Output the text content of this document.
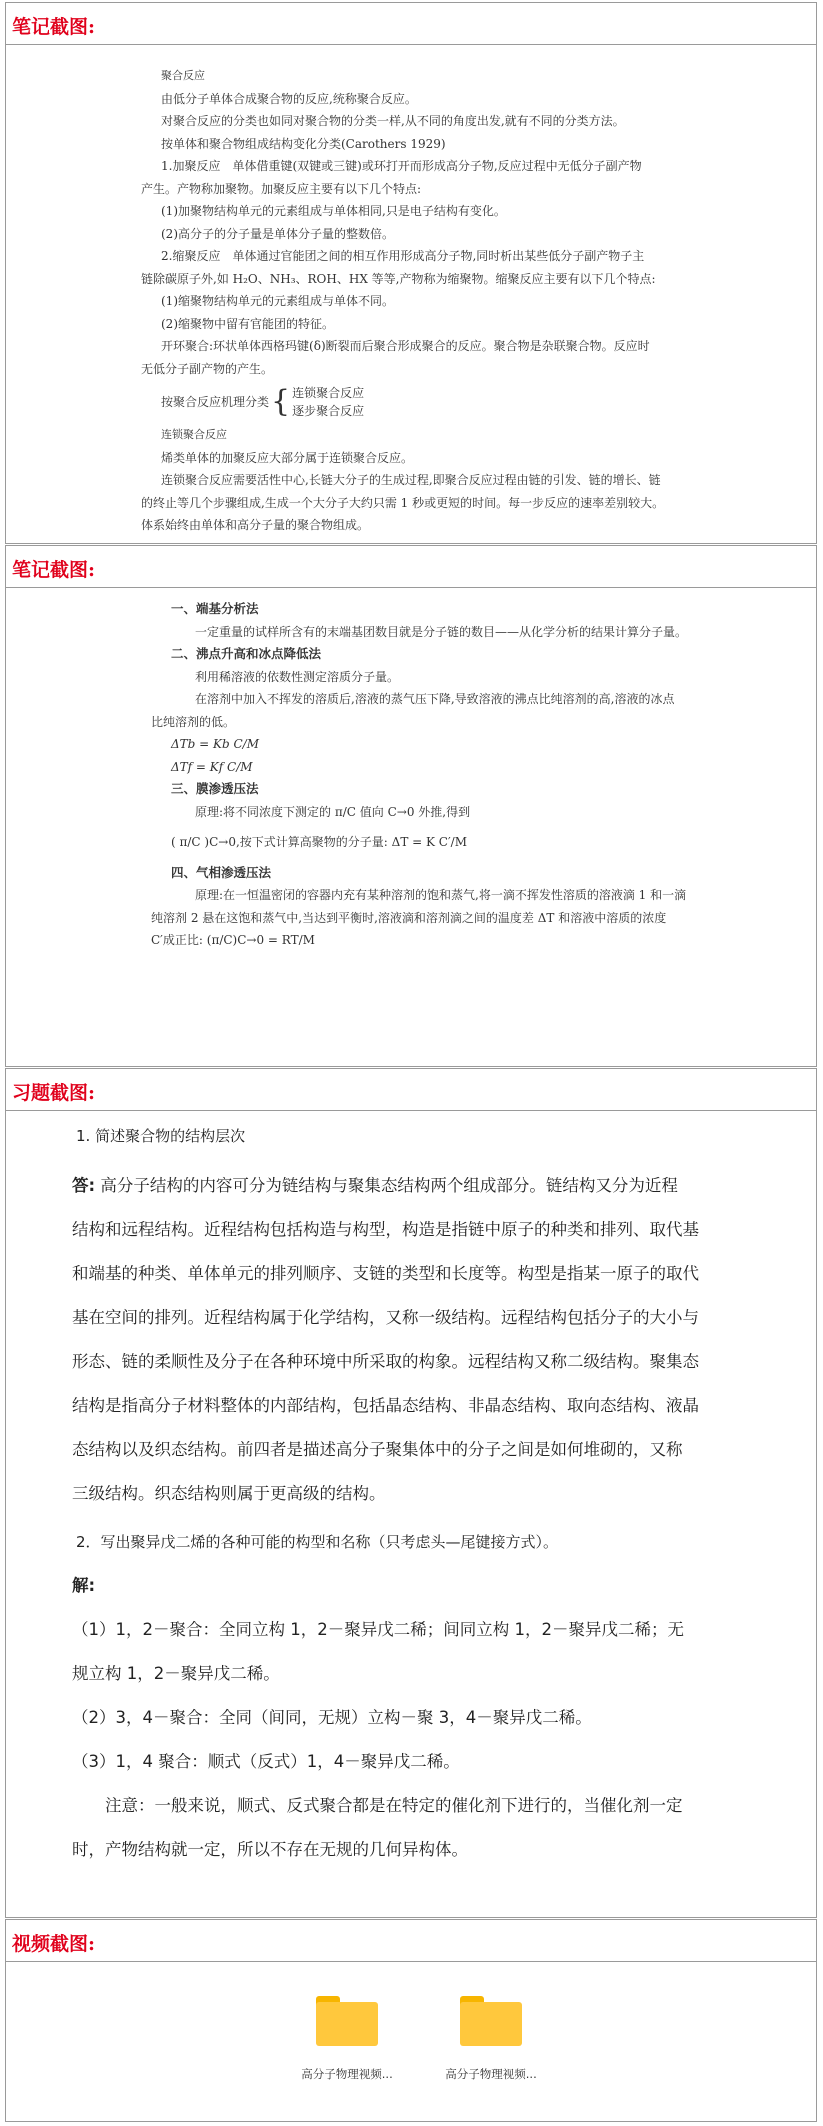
笔记截图:

聚合反应

由低分子单体合成聚合物的反应,统称聚合反应。

对聚合反应的分类也如同对聚合物的分类一样,从不同的角度出发,就有不同的分类方法。

按单体和聚合物组成结构变化分类(Carothers 1929)

1.加聚反应　单体借重键(双键或三键)或环打开而形成高分子物,反应过程中无低分子副产物

产生。产物称加聚物。加聚反应主要有以下几个特点:

(1)加聚物结构单元的元素组成与单体相同,只是电子结构有变化。

(2)高分子的分子量是单体分子量的整数倍。

2.缩聚反应　单体通过官能团之间的相互作用形成高分子物,同时析出某些低分子副产物子主

链除碳原子外,如 H₂O、NH₃、ROH、HX 等等,产物称为缩聚物。缩聚反应主要有以下几个特点:

(1)缩聚物结构单元的元素组成与单体不同。

(2)缩聚物中留有官能团的特征。

开环聚合:环状单体西格玛键(δ)断裂而后聚合形成聚合的反应。聚合物是杂联聚合物。反应时

无低分子副产物的产生。

按聚合反应机理分类 { 连锁聚合反应
逐步聚合反应

连锁聚合反应

烯类单体的加聚反应大部分属于连锁聚合反应。

连锁聚合反应需要活性中心,长链大分子的生成过程,即聚合反应过程由链的引发、链的增长、链

的终止等几个步骤组成,生成一个大分子大约只需 1 秒或更短的时间。每一步反应的速率差别较大。

体系始终由单体和高分子量的聚合物组成。

笔记截图:

一、端基分析法

一定重量的试样所含有的末端基团数目就是分子链的数目——从化学分析的结果计算分子量。

二、沸点升高和冰点降低法

利用稀溶液的依数性测定溶质分子量。

在溶剂中加入不挥发的溶质后,溶液的蒸气压下降,导致溶液的沸点比纯溶剂的高,溶液的冰点

比纯溶剂的低。

ΔTb = Kb C/M

ΔTf = Kf C/M

三、膜渗透压法

原理:将不同浓度下测定的 π/C 值向 C→0 外推,得到

( π/C )C→0,按下式计算高聚物的分子量: ΔT = K C′/M

四、气相渗透压法

原理:在一恒温密闭的容器内充有某种溶剂的饱和蒸气,将一滴不挥发性溶质的溶液滴 1 和一滴

纯溶剂 2 悬在这饱和蒸气中,当达到平衡时,溶液滴和溶剂滴之间的温度差 ΔT 和溶液中溶质的浓度

C′成正比: (π/C)C→0 = RT/M

习题截图:

1. 简述聚合物的结构层次

答: 高分子结构的内容可分为链结构与聚集态结构两个组成部分。链结构又分为近程

结构和远程结构。近程结构包括构造与构型，构造是指链中原子的种类和排列、取代基

和端基的种类、单体单元的排列顺序、支链的类型和长度等。构型是指某一原子的取代

基在空间的排列。近程结构属于化学结构，又称一级结构。远程结构包括分子的大小与

形态、链的柔顺性及分子在各种环境中所采取的构象。远程结构又称二级结构。聚集态

结构是指高分子材料整体的内部结构，包括晶态结构、非晶态结构、取向态结构、液晶

态结构以及织态结构。前四者是描述高分子聚集体中的分子之间是如何堆砌的，又称

三级结构。织态结构则属于更高级的结构。

2．写出聚异戊二烯的各种可能的构型和名称（只考虑头—尾键接方式）。

解:

（1）1，2－聚合：全同立构 1，2－聚异戊二稀；间同立构 1，2－聚异戊二稀；无

规立构 1，2－聚异戊二稀。

（2）3，4－聚合：全同（间同，无规）立构－聚 3，4－聚异戊二稀。

（3）1，4 聚合：顺式（反式）1，4－聚异戊二稀。

注意：一般来说，顺式、反式聚合都是在特定的催化剂下进行的，当催化剂一定

时，产物结构就一定，所以不存在无规的几何异构体。

视频截图:
高分子物理视频...	高分子物理视频...
